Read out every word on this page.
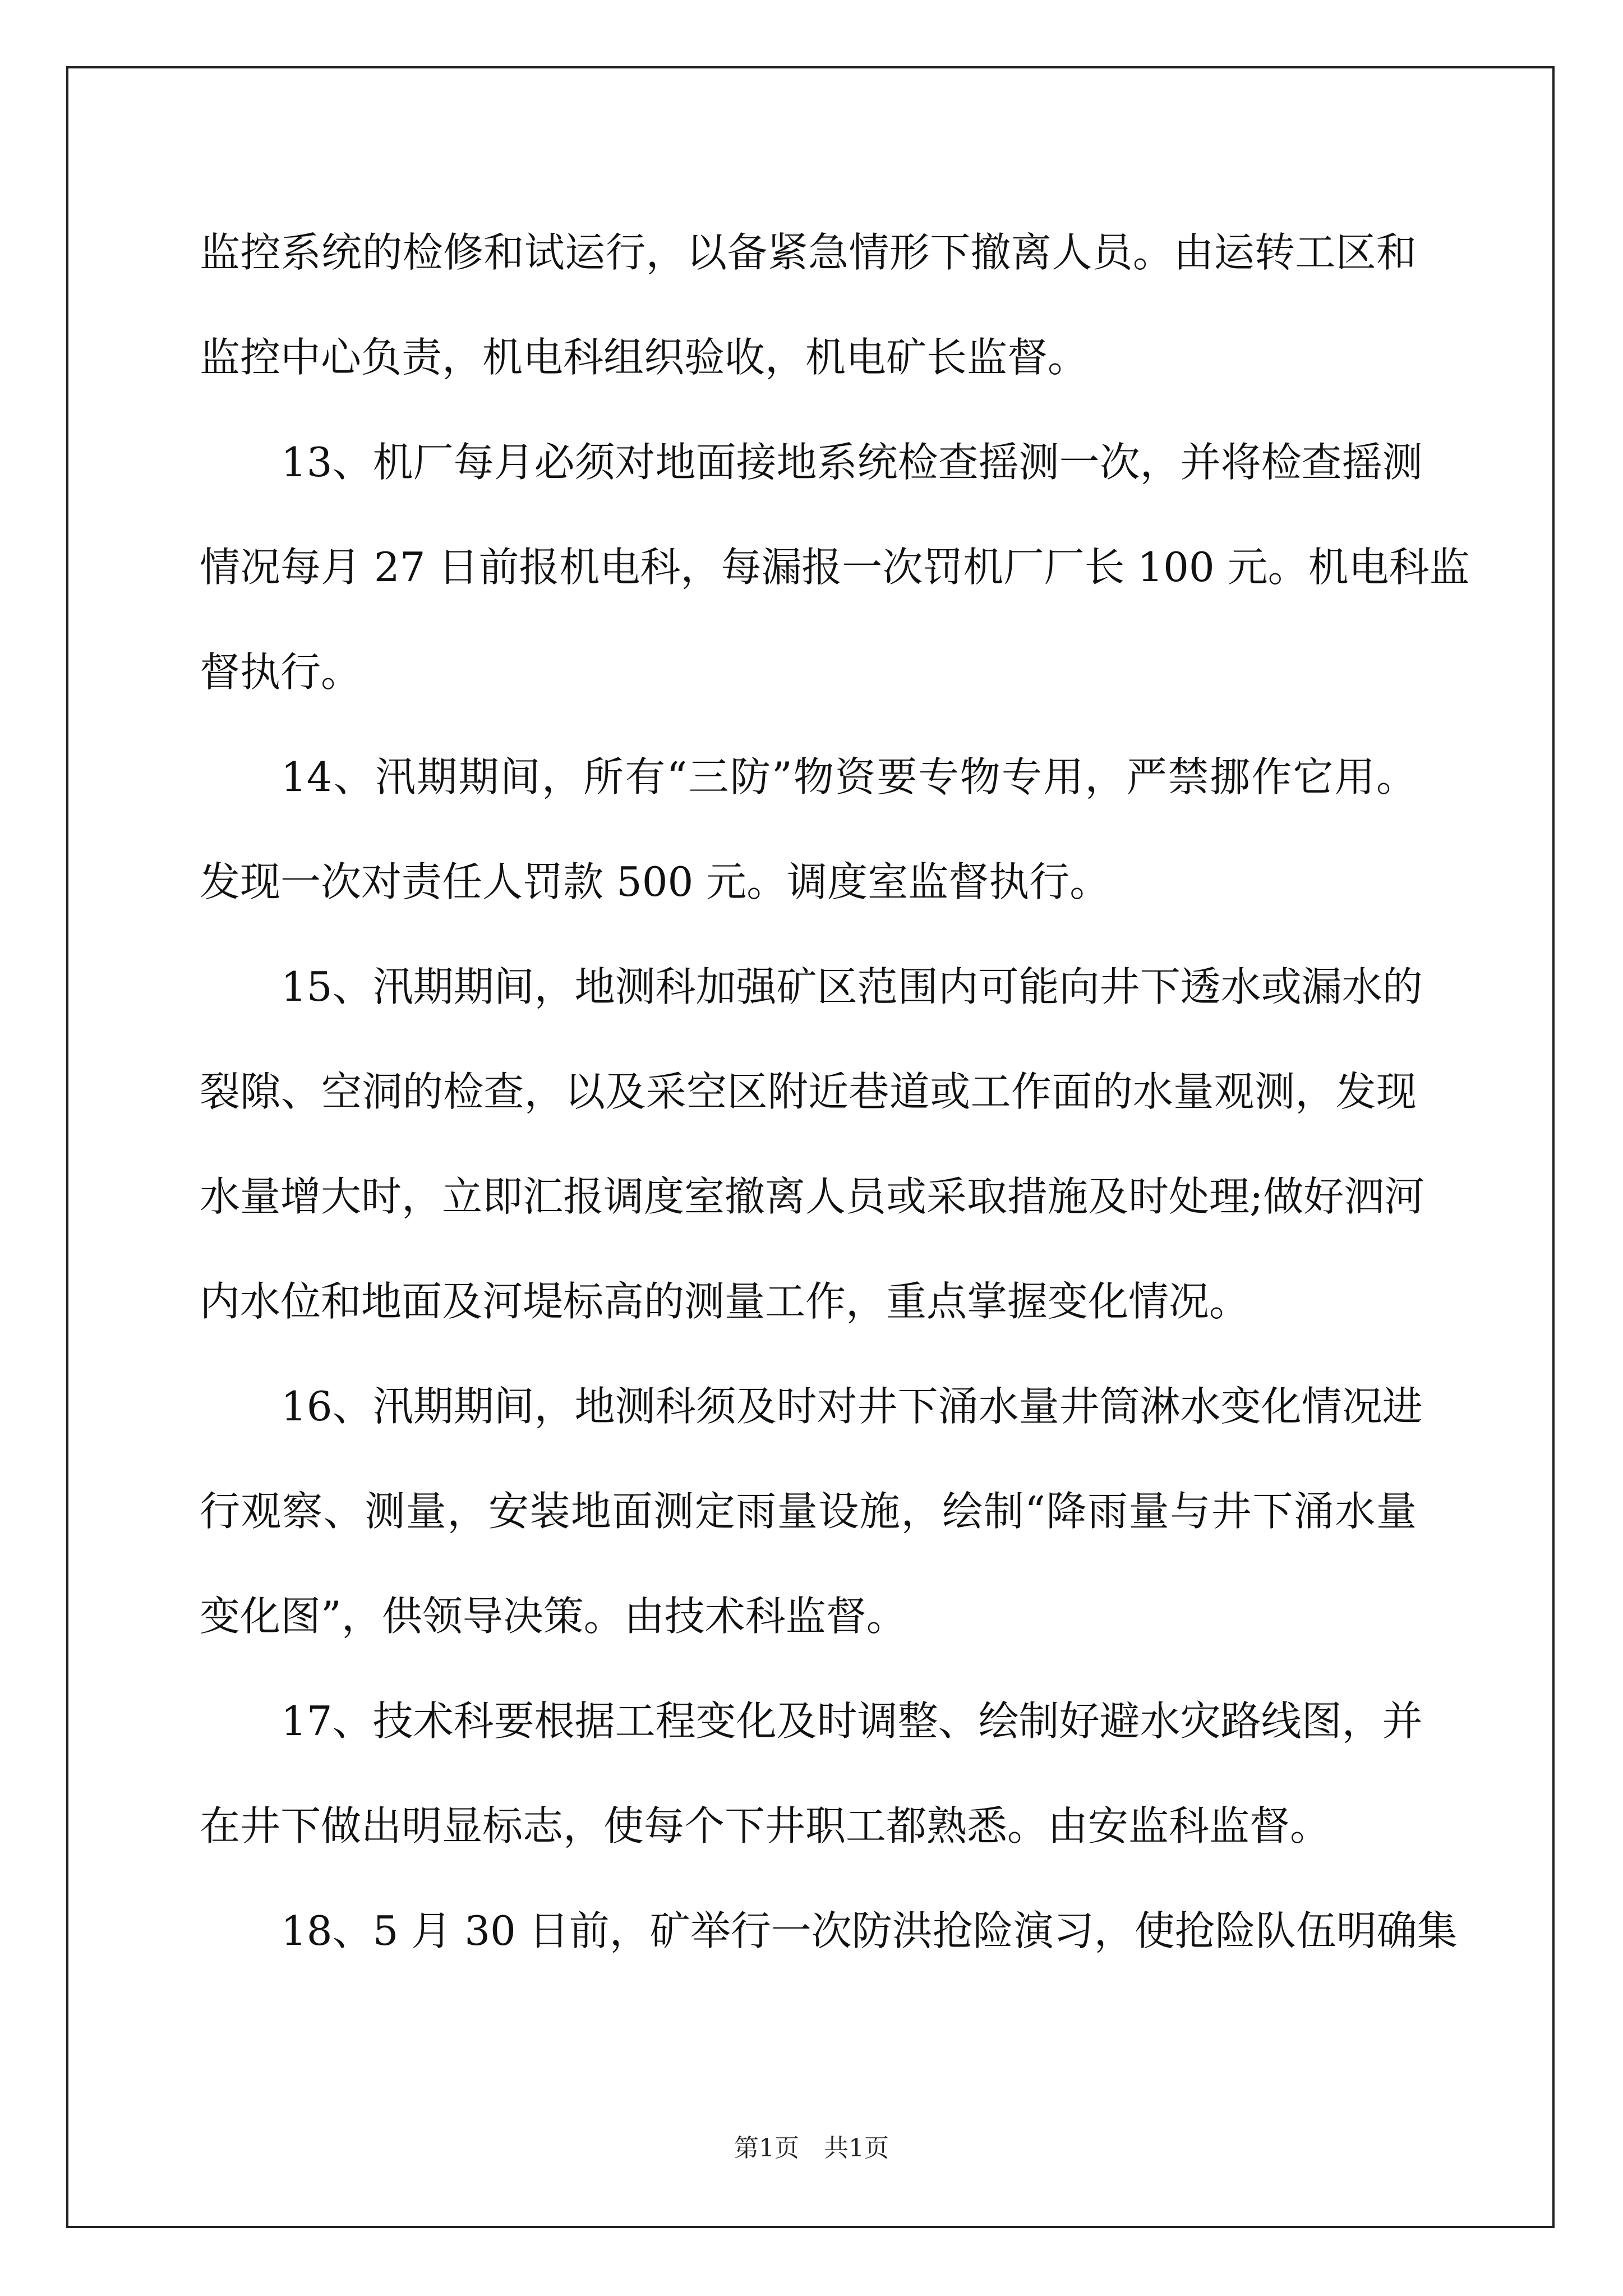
监控系统的检修和试运行，以备紧急情形下撤离人员。由运转工区和
监控中心负责，机电科组织验收，机电矿长监督。
13、机厂每月必须对地面接地系统检查摇测一次，并将检查摇测
情况每月 27 日前报机电科，每漏报一次罚机厂厂长 100 元。机电科监
督执行。
14、汛期期间，所有“三防”物资要专物专用，严禁挪作它用。
发现一次对责任人罚款 500 元。调度室监督执行。
15、汛期期间，地测科加强矿区范围内可能向井下透水或漏水的
裂隙、空洞的检查，以及采空区附近巷道或工作面的水量观测，发现
水量增大时，立即汇报调度室撤离人员或采取措施及时处理;做好泗河
内水位和地面及河堤标高的测量工作，重点掌握变化情况。
16、汛期期间，地测科须及时对井下涌水量井筒淋水变化情况进
行观察、测量，安装地面测定雨量设施，绘制“降雨量与井下涌水量
变化图”，供领导决策。由技术科监督。
17、技术科要根据工程变化及时调整、绘制好避水灾路线图，并
在井下做出明显标志，使每个下井职工都熟悉。由安监科监督。
18、5 月 30 日前，矿举行一次防洪抢险演习，使抢险队伍明确集
第1页　共1页
